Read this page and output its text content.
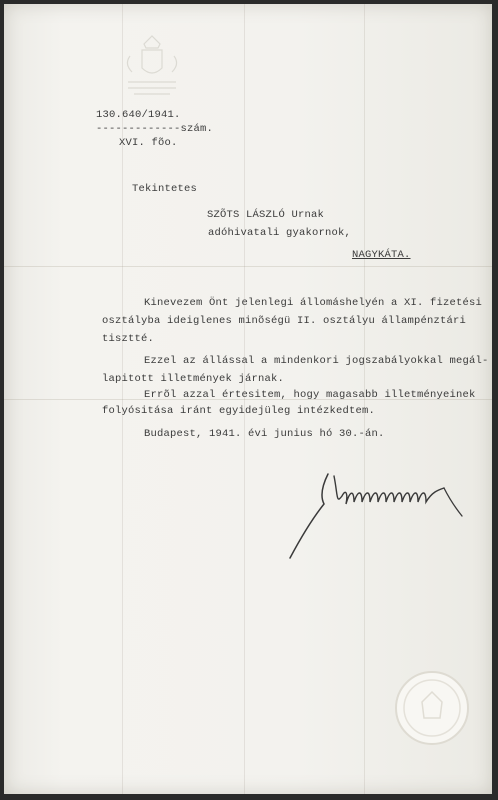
130.640/1941.
-------------szám.
XVI. fõo.
Tekintetes
SZÕTS LÁSZLÓ Urnak
adóhivatali gyakornok,
NAGYKÁTA.
Kinevezem Önt jelenlegi állomáshelyén a XI. fizetési
osztályba ideiglenes minõségü II. osztályu állampénztári
tisztté.
Ezzel az állással a mindenkori jogszabályokkal megál-
lapitott illetmények járnak.
Errõl azzal értesitem, hogy magasabb illetményeinek
folyósitása iránt egyidejüleg intézkedtem.
Budapest, 1941. évi junius hó 30.-án.
